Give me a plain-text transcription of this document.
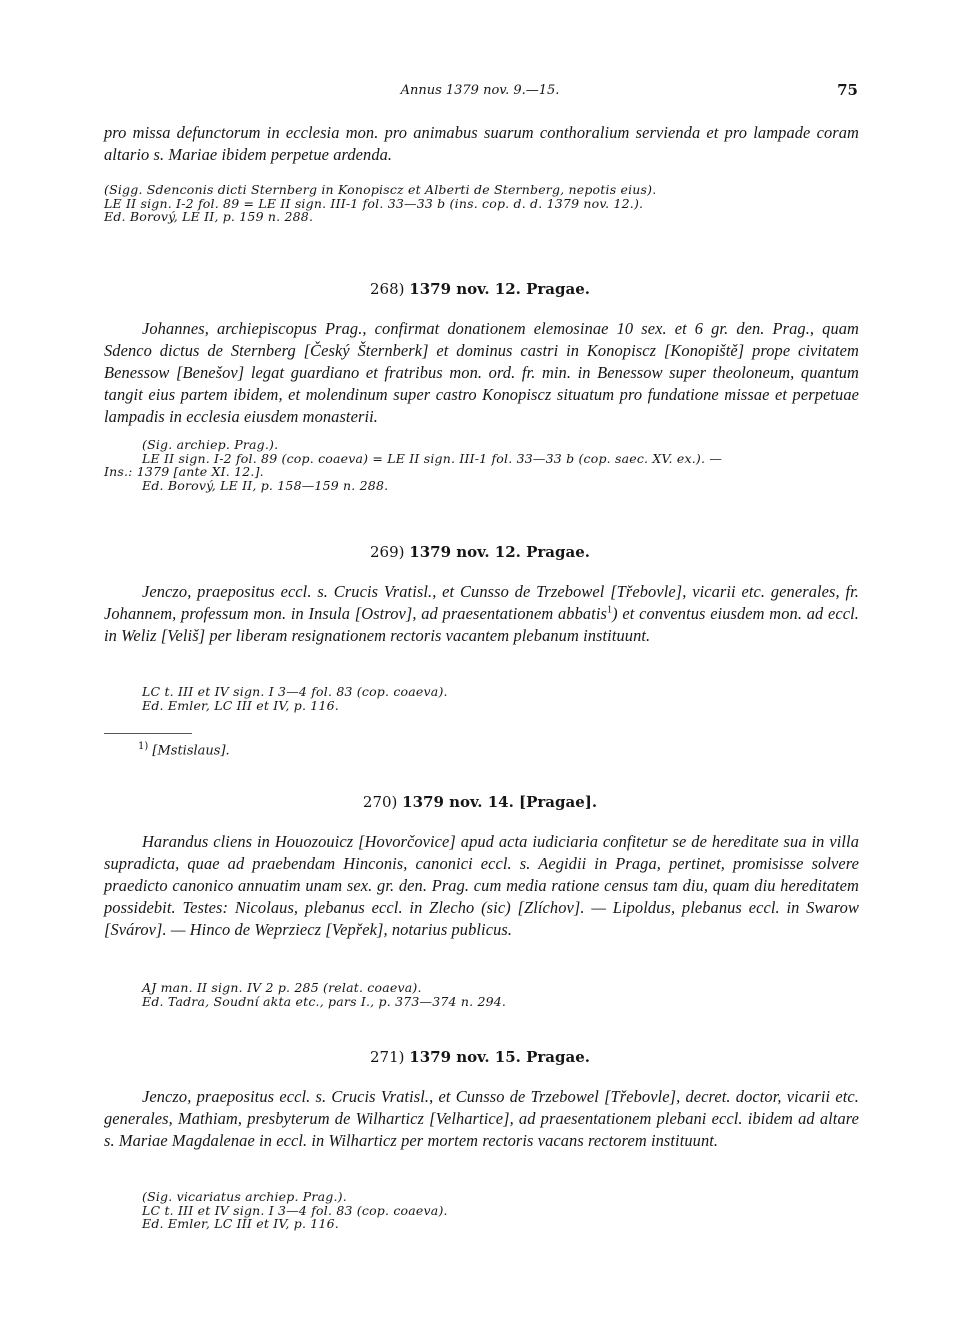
Annus 1379 nov. 9.—15.	75
pro missa defunctorum in ecclesia mon. pro animabus suarum conthoralium servienda et pro lampade coram altario s. Mariae ibidem perpetue ardenda.
(Sigg. Sdenconis dicti Sternberg in Konopiscz et Alberti de Sternberg, nepotis eius).
LE II sign. I-2 fol. 89 = LE II sign. III-1 fol. 33—33 b (ins. cop. d. d. 1379 nov. 12.).
Ed. Borový, LE II, p. 159 n. 288.
268) 1379 nov. 12. Pragae.
Johannes, archiepiscopus Prag., confirmat donationem elemosinae 10 sex. et 6 gr. den. Prag., quam Sdenco dictus de Sternberg [Český Šternberk] et dominus castri in Konopiscz [Konopiště] prope civitatem Benessow [Benešov] legat guardiano et fratribus mon. ord. fr. min. in Benessow super theoloneum, quantum tangit eius partem ibidem, et molendinum super castro Konopiscz situatum pro fundatione missae et perpetuae lampadis in ecclesia eiusdem monasterii.
(Sig. archiep. Prag.).
LE II sign. I-2 fol. 89 (cop. coaeva) = LE II sign. III-1 fol. 33—33 b (cop. saec. XV. ex.). —
Ins.: 1379 [ante XI. 12.].
Ed. Borový, LE II, p. 158—159 n. 288.
269) 1379 nov. 12. Pragae.
Jenczo, praepositus eccl. s. Crucis Vratisl., et Cunsso de Trzebowel [Třebovle], vicarii etc. generales, fr. Johannem, professum mon. in Insula [Ostrov], ad praesentationem abbatis$^1$) et conventus eiusdem mon. ad eccl. in Weliz [Veliš] per liberam resignationem rectoris vacantem plebanum instituunt.
LC t. III et IV sign. I 3—4 fol. 83 (cop. coaeva).
Ed. Emler, LC III et IV, p. 116.
$^{1)}$ [Mstislaus].
270) 1379 nov. 14. [Pragae].
Harandus cliens in Houozouicz [Hovorčovice] apud acta iudiciaria confitetur se de hereditate sua in villa supradicta, quae ad praebendam Hinconis, canonici eccl. s. Aegidii in Praga, pertinet, promisisse solvere praedicto canonico annuatim unam sex. gr. den. Prag. cum media ratione census tam diu, quam diu hereditatem possidebit. Testes: Nicolaus, plebanus eccl. in Zlecho (sic) [Zlíchov]. — Lipoldus, plebanus eccl. in Swarow [Svárov]. — Hinco de Weprziecz [Vepřek], notarius publicus.
AJ man. II sign. IV 2 p. 285 (relat. coaeva).
Ed. Tadra, Soudní akta etc., pars I., p. 373—374 n. 294.
271) 1379 nov. 15. Pragae.
Jenczo, praepositus eccl. s. Crucis Vratisl., et Cunsso de Trzebowel [Třebovle], decret. doctor, vicarii etc. generales, Mathiam, presbyterum de Wilharticz [Velhartice], ad praesentationem plebani eccl. ibidem ad altare s. Mariae Magdalenae in eccl. in Wilharticz per mortem rectoris vacans rectorem instituunt.
(Sig. vicariatus archiep. Prag.).
LC t. III et IV sign. I 3—4 fol. 83 (cop. coaeva).
Ed. Emler, LC III et IV, p. 116.
